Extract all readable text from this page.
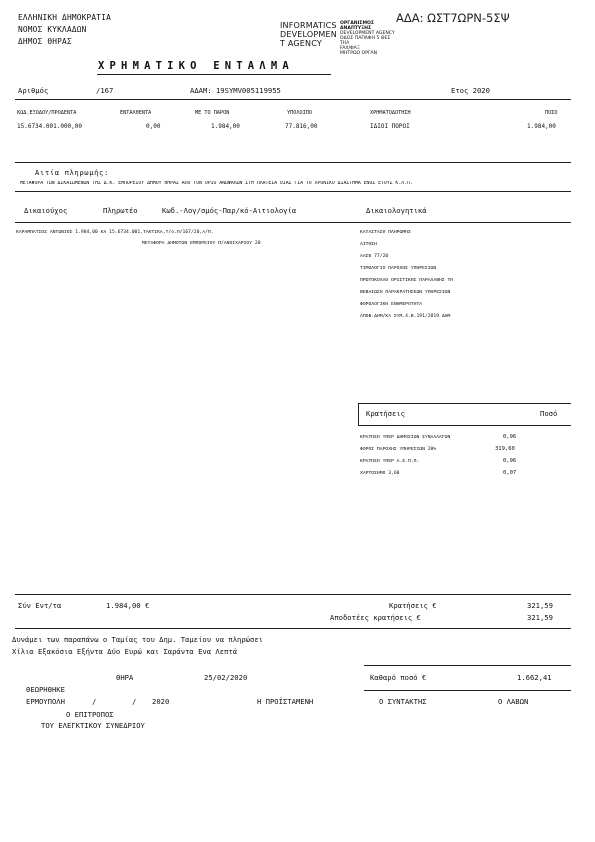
ΕΛΛΗΝΙΚΗ ΔΗΜΟΚΡΑΤΙΑ
ΝΟΜΟΣ ΚΥΚΛΑΔΩΝ
ΔΗΜΟΣ ΘΗΡΑΣ
INFORMATICS
DEVELOPMEN
T AGENCY
ΟΡΓΑΝΙΣΜΟΣ
ΑΝΑΠΤΥΞΗΣ
DEVELOPMENT AGENCY
ΟΔΟΣ ΠΑΠΑΦΗ 5 ΘΕΣ
ΤΗΛ
FAX/ΦΑΞ
ΜΗΤΡΩΟ ΟΡΓΑΝ
ΑΔΑ: ΩΣΤ7ΩΡΝ-5ΣΨ
ΧΡΗΜΑΤΙΚΟ ΕΝΤΑΛΜΑ
Αριθμός	/167	ΑΔΑΜ: 19SYMV005119955	Ετος 2020
ΚΩΔ.ΕΞΟΔΟΥ/ΠΡΟΔΕΝΤΑ	ΕΝΤΑΛΘΕΝΤΑ	ΜΕ ΤΟ ΠΑΡΟΝ	ΥΠΟΛΟΙΠΟ	ΧΡΗΜΑΤΟΔΟΤΗΣΗ	ΠΟΣΟ
15.6734.001.000,00	0,00	1.984,00	77.816,00	ΙΔΙΟΙ ΠΟΡΟΙ	1.984,00
Αιτία πληρωμής:
ΜΕΤΑΦΟΡΑ ΤΩΝ ΔΙΚΑΙΩΜΕΝΩΝ ΤΗΣ Δ.Κ. ΕΜΠΟΡΕΙΟΥ ΔΗΜΟΥ ΘΗΡΑΣ ΑΠΟ ΤΟΝ ΟΡΙΟ ΑΝΩΦΑΛΩΝ ΣΤΗ ΠΛΑΤΕΙΑ ΟΙΑΣ ΓΙΑ ΤΟ ΧΡΟΝΙΚΟ ΔΙΑΣΤΗΜΑ ΕΝΟΣ ΕΤΟΥΣ Κ.Λ.Π.
Δικαιούχος	Πληρωτέο	Κωδ.-Λογ/σμός-Παρ/κό-Αιτιολογία	Δικαιολογητικά
ΚΑΡΑΜΠΑΤΣΟΣ ΑΝΤΩΝΙΟΣ 1.984,00 ΚΑ 15.6734.001,ΤΑΚΤΙΚΑ,Τ/ο.Π/167/20,Α/Π.
ΜΕΤΑΦΟΡΑ ΔΗΜΟΤΩΝ ΕΜΠΟΡΕΙΟΥ Π/ΑΝΟΙΧΑΡΙΟΥ 20
ΚΑΤΑΣΤΑΣΗ ΠΛΗΡΩΜΗΣ
ΑΙΤΗΣΗ
ΑΑΣΘ 77/20
ΤΙΜΟΛΟΓΙΟ ΠΑΡΟΧΗΣ ΥΠΗΡΕΣΙΩΝ
ΠΡΩΤΟΚΟΛΛΟ ΟΡΙΣΤΙΚΗΣ ΠΑΡΑΛΑΒΗΣ ΤΗ
ΒΕΒΑΙΩΣΗ ΠΑΡΑΚΡΑΤΗΣΕΩΝ ΥΠΗΡΕΣΙΩΝ
ΦΟΡΟΛΟΓΙΚΗ ΕΝΗΜΕΡΟΤΗΤΑ
ΑΠΟΦ.ΔΗΜ/ΚΑ ΣΥΜ.4.Β.191/2019 ΔΗΜ
Κρατήσεις	Ποσό
ΚΡΑΤΗΣΗ ΥΠΕΡ ΔΗΜΟΣΙΩΝ ΣΥΝΑΛΛΑΓΩΝ	0,96
ΦΟΡΟΣ ΠΑΡΟΧΗΣ ΥΠΗΡΕΣΙΩΝ 20%	319,60
ΚΡΑΤΗΣΗ ΥΠΕΡ Α.Ε.Π.Π.	0,96
ΧΑΡΤΟΣΗΜΟ 3,60	0,07
Σύν Εντ/τα	1.984,00 €	Κρατήσεις €	321,59
Αποδοτέες κρατήσεις €	321,59
Δυνάμει των παραπάνω ο Ταμίας του Δημ. Ταμείου να πληρώσει
Χίλια Εξακόσια Εξήντα Δύο Ευρώ και Σαράντα Ενα Λεπτά
ΘΗΡΑ	25/02/2020	Καθαρό ποσό €	1.662,41
ΘΕΩΡΗΘΗΚΕ
ΕΡΜΟΥΠΟΛΗ	/	/ 2020	Η ΠΡΟΪΣΤΑΜΕΝΗ	Ο ΣΥΝΤΑΚΤΗΣ	Ο ΛΑΒΩΝ
Ο ΕΠΙΤΡΟΠΟΣ
ΤΟΥ ΕΛΕΓΚΤΙΚΟΥ ΣΥΝΕΔΡΙΟΥ
